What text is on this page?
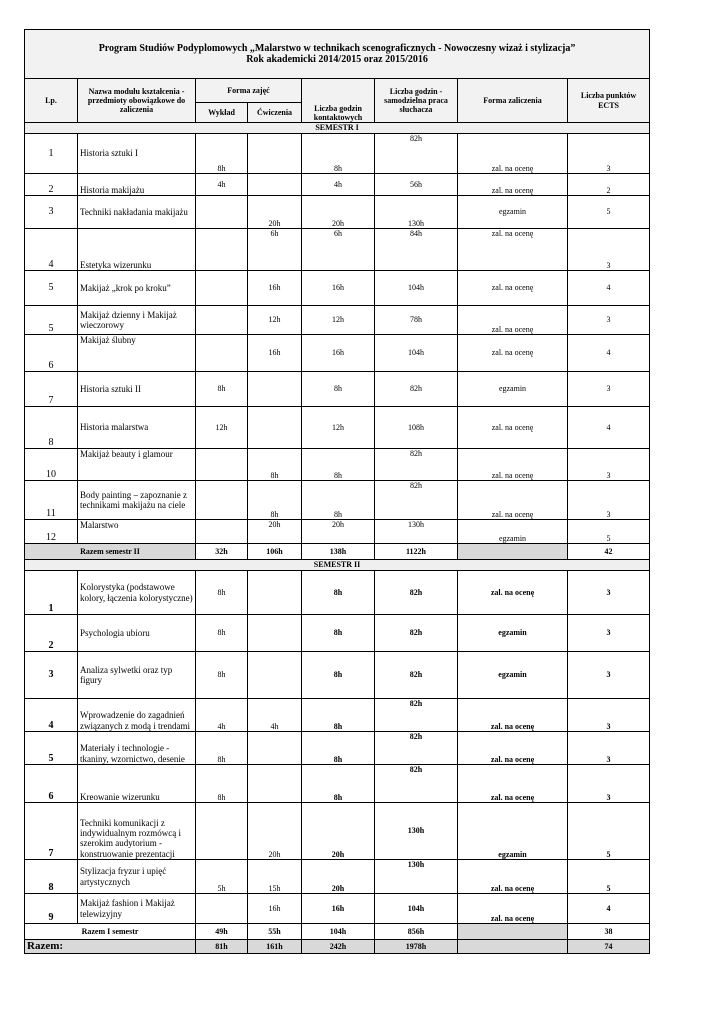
Program Studiów Podyplomowych „Malarstwo w technikach scenograficznych - Nowoczesny wizaż i stylizacja”
Rok akademicki 2014/2015 oraz 2015/2016							

Lp.	Nazwa modułu kształcenia - przedmioty obowiązkowe do zaliczenia	Forma zajęć		Liczba godzin kontaktowych	Liczba godzin - samodzielna praca słuchacza	Forma zaliczenia	Liczba punktów ECTS
		Wykład	Ćwiczenia				
SEMESTR I							
1	Historia sztuki I	8h		8h	82h	zal. na ocenę	3
2	Historia makijażu	4h		4h	56h	zal. na ocenę	2
3	Techniki nakładania makijażu		20h	20h	130h	egzamin	5
4	Estetyka wizerunku		6h	6h	84h	zal. na ocenę	3
5	Makijaż „krok po kroku”		16h	16h	104h	zal. na ocenę	4
5	Makijaż dzienny i Makijaż wieczorowy		12h	12h	78h	zal. na ocenę	3
6	Makijaż ślubny		16h	16h	104h	zal. na ocenę	4
7	Historia sztuki II	8h		8h	82h	egzamin	3
8	Historia malarstwa	12h		12h	108h	zal. na ocenę	4
10	Makijaż beauty i glamour		8h	8h	82h	zal. na ocenę	3
11	Body painting – zapoznanie z technikami makijażu na ciele		8h	8h	82h	zal. na ocenę	3
12	Malarstwo		20h	20h	130h	egzamin	5
Razem semestr II		32h	106h	138h	1122h		42
SEMESTR II							
1	Kolorystyka (podstawowe kolory, łączenia kolorystyczne)	8h		8h	82h	zal. na ocenę	3
2	Psychologia ubioru	8h		8h	82h	egzamin	3
3	Analiza sylwetki oraz typ figury	8h		8h	82h	egzamin	3
4	Wprowadzenie do zagadnień związanych z modą i trendami	4h	4h	8h	82h	zal. na ocenę	3
5	Materiały i technologie - tkaniny, wzornictwo, desenie	8h		8h	82h	zal. na ocenę	3
6	Kreowanie wizerunku	8h		8h	82h	zal. na ocenę	3
7	Techniki komunikacji z indywidualnym rozmówcą i szerokim audytorium - konstruowanie prezentacji		20h	20h	130h	egzamin	5
8	Stylizacja fryzur i upięć artystycznych	5h	15h	20h	130h	zal. na ocenę	5
9	Makijaż fashion i Makijaż telewizyjny		16h	16h	104h	zal. na ocenę	4
Razem I semestr		49h	55h	104h	856h		38
Razem:		81h	161h	242h	1978h		74
